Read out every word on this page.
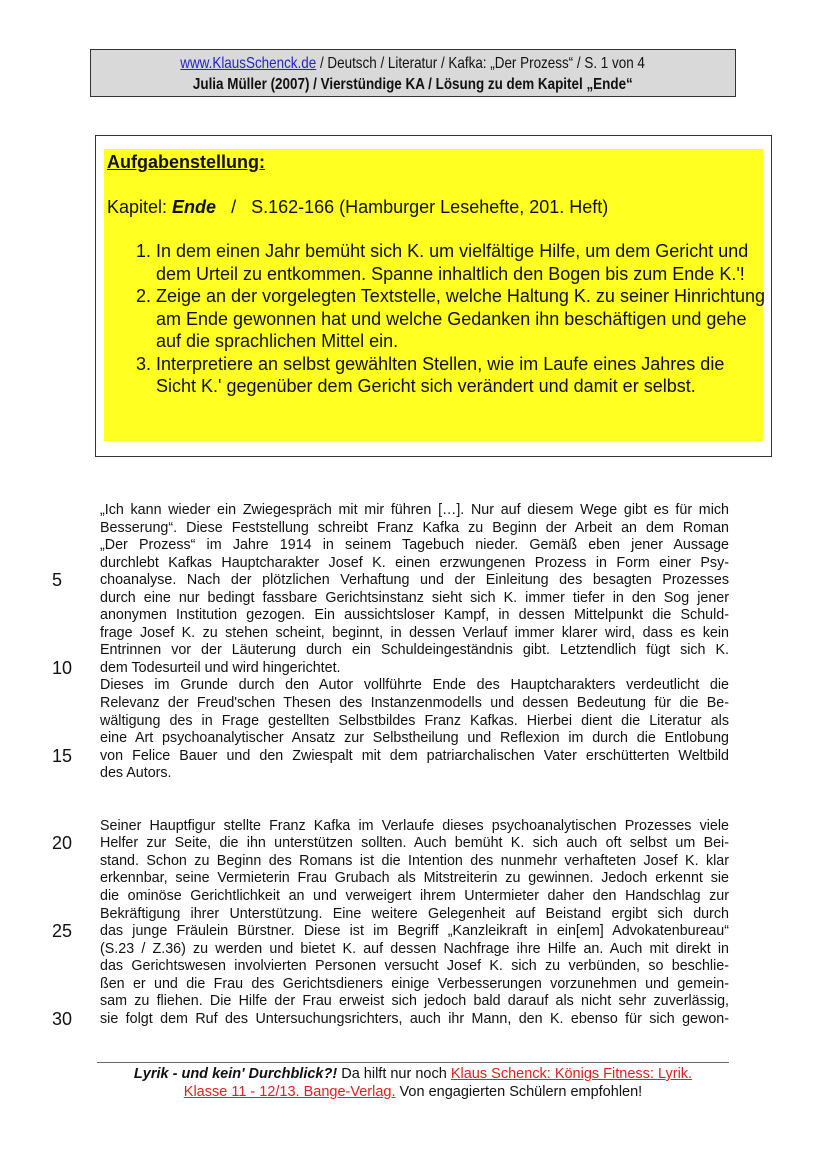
www.KlausSchenck.de / Deutsch / Literatur / Kafka: „Der Prozess“ / S. 1 von 4
Julia Müller (2007) / Vierstündige KA / Lösung zu dem Kapitel „Ende“
Aufgabenstellung:
Kapitel: Ende   /   S.162-166 (Hamburger Lesehefte, 201. Heft)
1. In dem einen Jahr bemüht sich K. um vielfältige Hilfe, um dem Gericht und dem Urteil zu entkommen. Spanne inhaltlich den Bogen bis zum Ende K.'!
2. Zeige an der vorgelegten Textstelle, welche Haltung K. zu seiner Hinrichtung am Ende gewonnen hat und welche Gedanken ihn beschäftigen und gehe auf die sprachlichen Mittel ein.
3. Interpretiere an selbst gewählten Stellen, wie im Laufe eines Jahres die Sicht K.' gegenüber dem Gericht sich verändert und damit er selbst.
„Ich kann wieder ein Zwiegespräch mit mir führen […]. Nur auf diesem Wege gibt es für mich
Besserung“. Diese Feststellung schreibt Franz Kafka zu Beginn der Arbeit an dem Roman
„Der Prozess“ im Jahre 1914 in seinem Tagebuch nieder. Gemäß eben jener Aussage
durchlebt Kafkas Hauptcharakter Josef K. einen erzwungenen Prozess in Form einer Psy-
choanalyse. Nach der plötzlichen Verhaftung und der Einleitung des besagten Prozesses
durch eine nur bedingt fassbare Gerichtsinstanz sieht sich K. immer tiefer in den Sog jener
anonymen Institution gezogen. Ein aussichtsloser Kampf, in dessen Mittelpunkt die Schuld-
frage Josef K. zu stehen scheint, beginnt, in dessen Verlauf immer klarer wird, dass es kein
Entrinnen vor der Läuterung durch ein Schuldeingeständnis gibt. Letztendlich fügt sich K.
dem Todesurteil und wird hingerichtet.
Dieses im Grunde durch den Autor vollführte Ende des Hauptcharakters verdeutlicht die
Relevanz der Freud'schen Thesen des Instanzenmodells und dessen Bedeutung für die Be-
wältigung des in Frage gestellten Selbstbildes Franz Kafkas. Hierbei dient die Literatur als
eine Art psychoanalytischer Ansatz zur Selbstheilung und Reflexion im durch die Entlobung
von Felice Bauer und den Zwiespalt mit dem patriarchalischen Vater erschütterten Weltbild
des Autors.
Seiner Hauptfigur stellte Franz Kafka im Verlaufe dieses psychoanalytischen Prozesses viele
Helfer zur Seite, die ihn unterstützen sollten. Auch bemüht K. sich auch oft selbst um Bei-
stand. Schon zu Beginn des Romans ist die Intention des nunmehr verhafteten Josef K. klar
erkennbar, seine Vermieterin Frau Grubach als Mitstreiterin zu gewinnen. Jedoch erkennt sie
die ominöse Gerichtlichkeit an und verweigert ihrem Untermieter daher den Handschlag zur
Bekräftigung ihrer Unterstützung. Eine weitere Gelegenheit auf Beistand ergibt sich durch
das junge Fräulein Bürstner. Diese ist im Begriff „Kanzleikraft in ein[em] Advokatenbureau“
(S.23 / Z.36) zu werden und bietet K. auf dessen Nachfrage ihre Hilfe an. Auch mit direkt in
das Gerichtswesen involvierten Personen versucht Josef K. sich zu verbünden, so beschlie-
ßen er und die Frau des Gerichtsdieners einige Verbesserungen vorzunehmen und gemein-
sam zu fliehen. Die Hilfe der Frau erweist sich jedoch bald darauf als nicht sehr zuverlässig,
sie folgt dem Ruf des Untersuchungsrichters, auch ihr Mann, den K. ebenso für sich gewon-
5
10
15
20
25
30
Lyrik - und kein' Durchblick?! Da hilft nur noch Klaus Schenck: Königs Fitness: Lyrik.
Klasse 11 - 12/13. Bange-Verlag. Von engagierten Schülern empfohlen!
